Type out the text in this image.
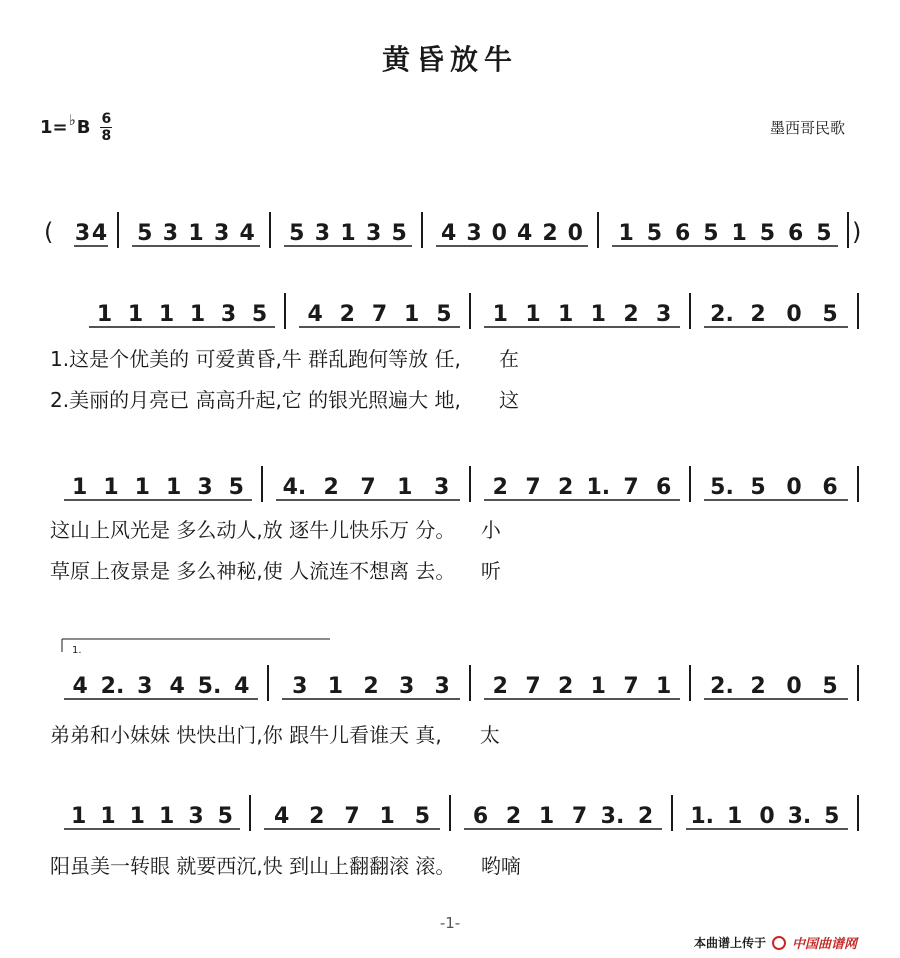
黄昏放牛
1= ♭ B 6
8	墨西哥民歌
(	)
3 4 5 3 1 3 4 5 3 1 3 5 4 3 0 4 2 0 1 5 6 5 1 5 6 5
1 1 1 1 3 5 4 2 7 1 5 1 1 1 1 2 3 2. 2 0 5
1 1 1 1 3 5 4. 2 7 1 3 2 7 2 1. 7 6 5. 5 0 6
1.
4 2. 3 4 5. 4 3 1 2 3 3 2 7 2 1 7 1 2. 2 0 5
1 1 1 1 3 5 4 2 7 1 5 6 2 1 7 3. 2 1. 1 0 3. 5
1.这是个优美的 可爱黄昏,牛 群乱跑何等放 任,      在
2.美丽的月亮已 高高升起,它 的银光照遍大 地,      这
这山上风光是 多么动人,放 逐牛儿快乐万 分。    小
草原上夜景是 多么神秘,使 人流连不想离 去。    听
弟弟和小妹妹 快快出门,你 跟牛儿看谁天 真,      太
阳虽美一转眼 就要西沉,快 到山上翻翻滚 滚。    哟嘀
-1-
本曲谱上传于 中国曲谱网
